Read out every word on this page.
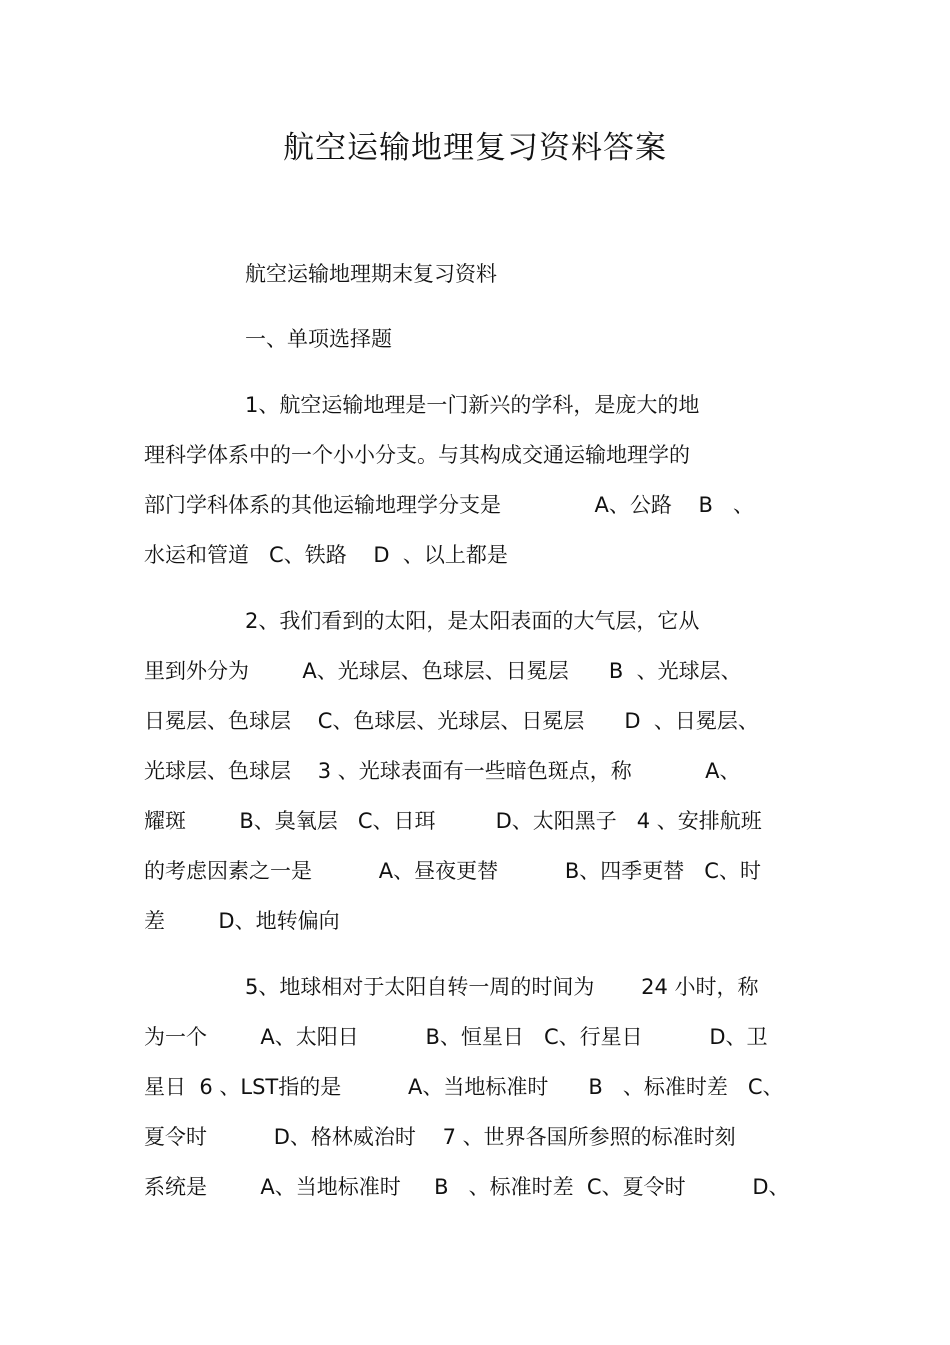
航空运输地理复习资料答案

航空运输地理期末复习资料

一、单项选择题

1、航空运输地理是一门新兴的学科，是庞大的地

理科学体系中的一个小小分支。与其构成交通运输地理学的

部门学科体系的其他运输地理学分支是              A、公路    B   、

水运和管道   C、铁路    D  、以上都是

2、我们看到的太阳，是太阳表面的大气层，它从

里到外分为        A、光球层、色球层、日冕层      B  、光球层、

日冕层、色球层    C、色球层、光球层、日冕层      D  、日冕层、

光球层、色球层    3 、光球表面有一些暗色斑点，称           A、

耀斑        B、臭氧层   C、日珥         D、太阳黑子   4 、安排航班

的考虑因素之一是          A、昼夜更替          B、四季更替   C、时

差        D、地转偏向

5、地球相对于太阳自转一周的时间为       24 小时，称

为一个        A、太阳日          B、恒星日   C、行星日          D、卫

星日  6 、LST指的是          A、当地标准时      B   、标准时差   C、

夏令时          D、格林威治时    7 、世界各国所参照的标准时刻

系统是        A、当地标准时     B   、标准时差  C、夏令时          D、
